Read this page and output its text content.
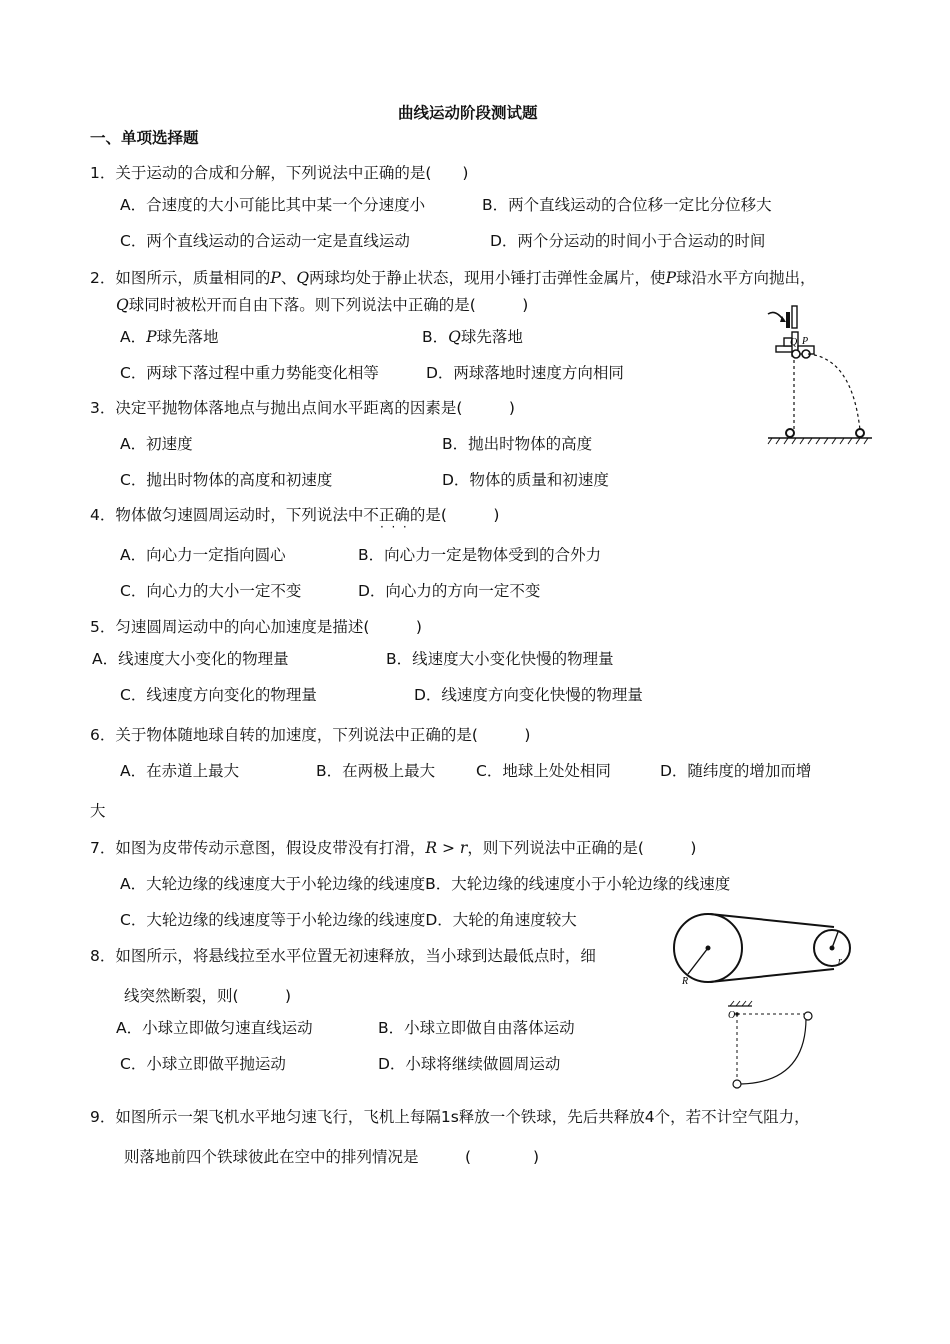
曲线运动阶段测试题
一、单项选择题
1．关于运动的合成和分解，下列说法中正确的是(　　)
A．合速度的大小可能比其中某一个分速度小	B．两个直线运动的合位移一定比分位移大
C．两个直线运动的合运动一定是直线运动	D．两个分运动的时间小于合运动的时间
2．如图所示，质量相同的P、Q两球均处于静止状态，现用小锤打击弹性金属片，使P球沿水平方向抛出，
Q球同时被松开而自由下落。则下列说法中正确的是(　　　)
A．P球先落地	B．Q球先落地
C．两球下落过程中重力势能变化相等	D．两球落地时速度方向相同
Q P
3．决定平抛物体落地点与抛出点间水平距离的因素是(　　　)
A．初速度	B．抛出时物体的高度
C．抛出时物体的高度和初速度	D．物体的质量和初速度
4．物体做匀速圆周运动时，下列说法中不正确的是(　　　)
·  ·  ·
A．向心力一定指向圆心	B．向心力一定是物体受到的合外力
C．向心力的大小一定不变	D．向心力的方向一定不变
5．匀速圆周运动中的向心加速度是描述(　　　)
A．线速度大小变化的物理量	B．线速度大小变化快慢的物理量
C．线速度方向变化的物理量	D．线速度方向变化快慢的物理量
6．关于物体随地球自转的加速度，下列说法中正确的是(　　　)
A．在赤道上最大	B．在两极上最大	C．地球上处处相同	D．随纬度的增加而增
大
7．如图为皮带传动示意图，假设皮带没有打滑，R > r，则下列说法中正确的是(　　　)
A．大轮边缘的线速度大于小轮边缘的线速度B．大轮边缘的线速度小于小轮边缘的线速度
C．大轮边缘的线速度等于小轮边缘的线速度D．大轮的角速度较大
R
r
8．如图所示，将悬线拉至水平位置无初速释放，当小球到达最低点时，细
线突然断裂，则(　　　)
A．小球立即做匀速直线运动	B．小球立即做自由落体运动
C．小球立即做平抛运动	D．小球将继续做圆周运动
O
9．如图所示一架飞机水平地匀速飞行，飞机上每隔1s释放一个铁球，先后共释放4个，若不计空气阻力，
则落地前四个铁球彼此在空中的排列情况是　　　(　　　　)
